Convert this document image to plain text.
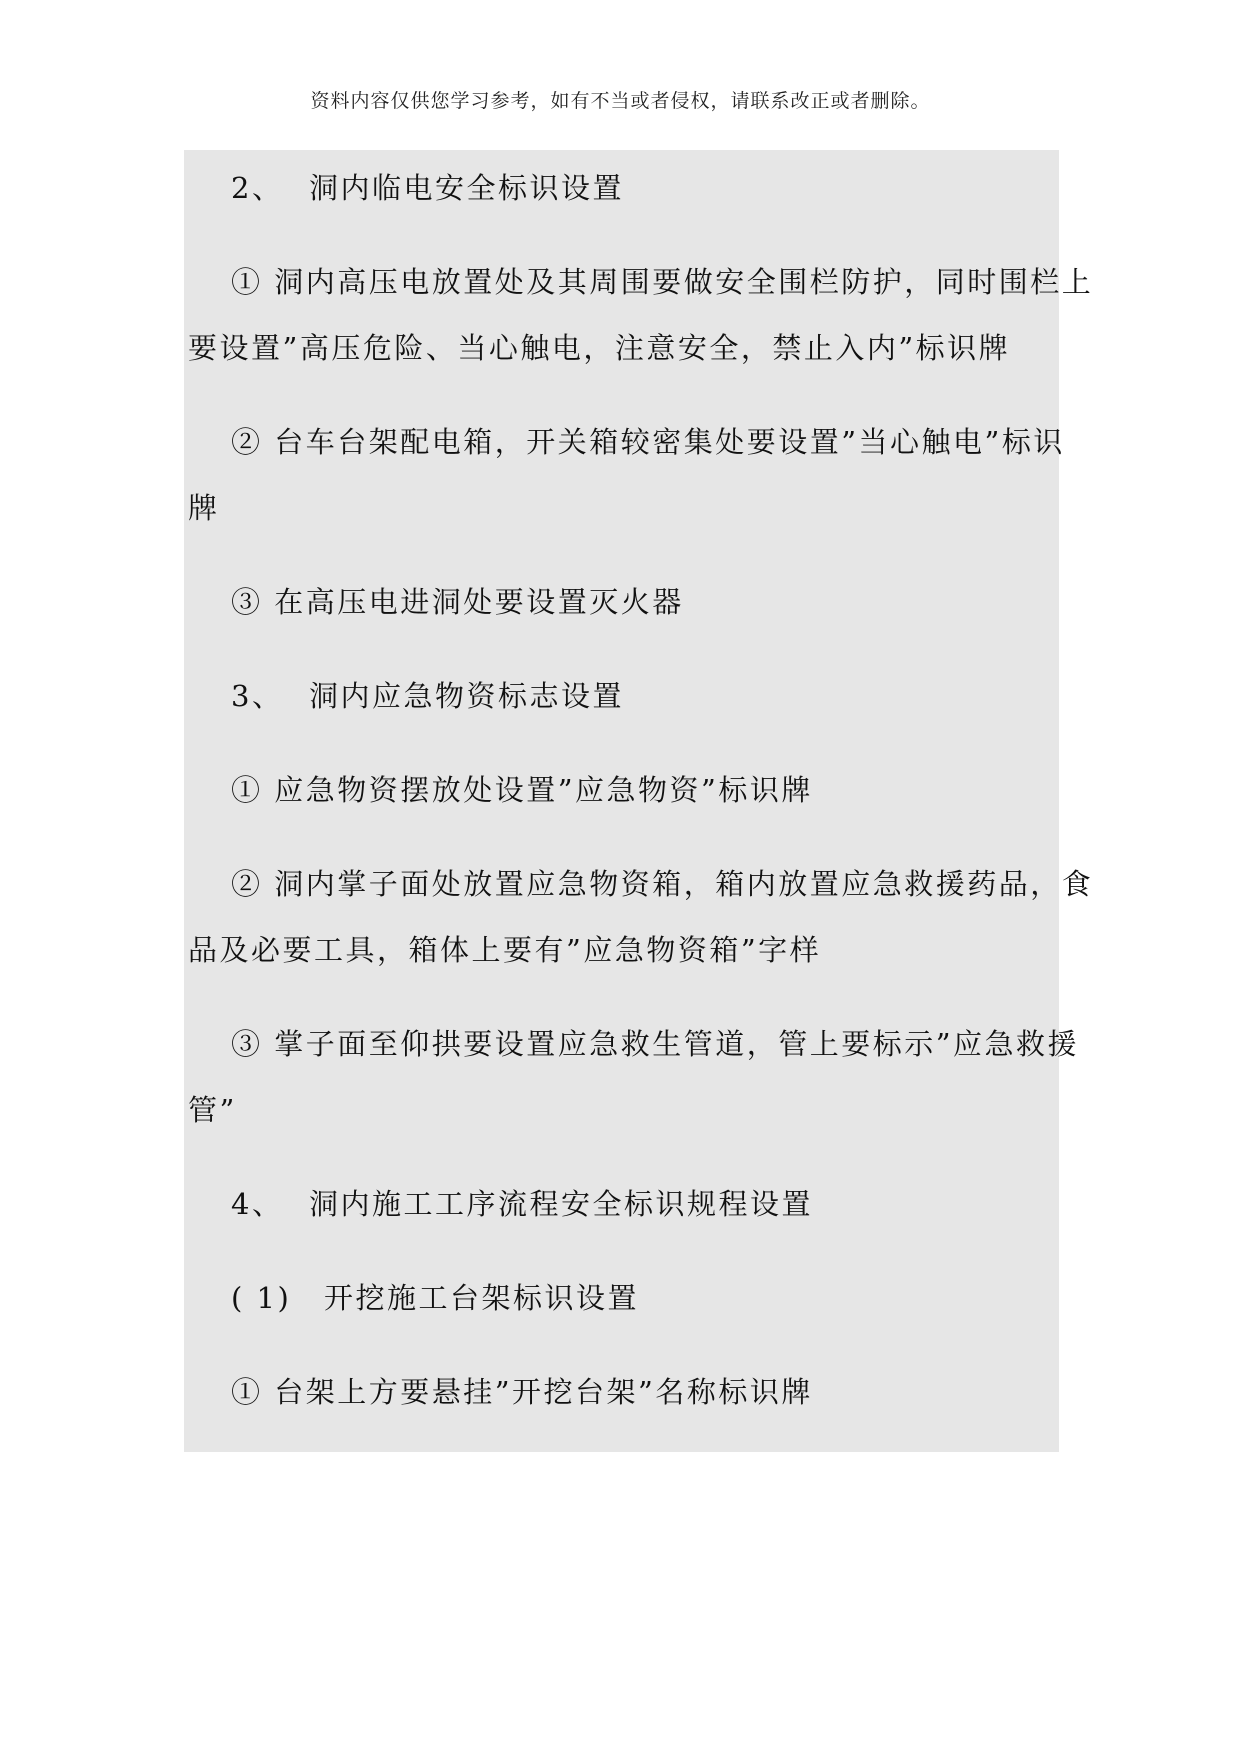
资料内容仅供您学习参考，如有不当或者侵权，请联系改正或者删除。
2、 洞内临电安全标识设置
① 洞内高压电放置处及其周围要做安全围栏防护，同时围栏上
要设置”高压危险、当心触电，注意安全，禁止入内”标识牌
② 台车台架配电箱，开关箱较密集处要设置”当心触电”标识
牌
③ 在高压电进洞处要设置灭火器
3、 洞内应急物资标志设置
① 应急物资摆放处设置”应急物资”标识牌
② 洞内掌子面处放置应急物资箱，箱内放置应急救援药品，食
品及必要工具，箱体上要有”应急物资箱”字样
③ 掌子面至仰拱要设置应急救生管道，管上要标示”应急救援
管”
4、 洞内施工工序流程安全标识规程设置
( 1) 开挖施工台架标识设置
① 台架上方要悬挂”开挖台架”名称标识牌
